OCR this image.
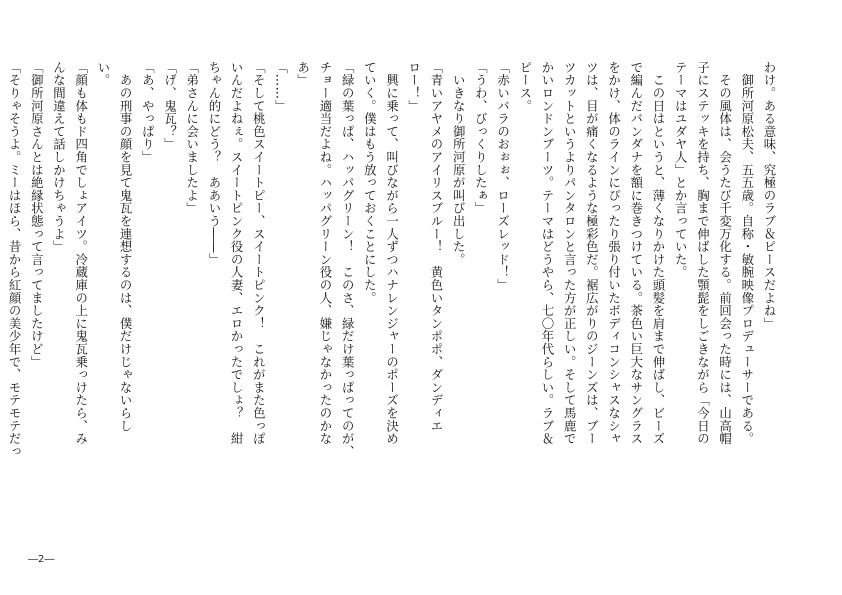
わけ。ある意味、究極のラブ＆ピースだよね」
　御所河原松夫、五五歳。自称・敏腕映像プロデューサーである。
　その風体は、会うたび千変万化する。前回会った時には、山高帽
子にステッキを持ち、胸まで伸ばした顎髭をしごきながら「今日の
テーマはユダヤ人」とか言っていた。
　この日はというと、薄くなりかけた頭髪を肩まで伸ばし、ビーズ
で編んだバンダナを額に巻きつけている。茶色い巨大なサングラス
をかけ、体のラインにぴったり張り付いたボディコンシャスなシャ
ツは、目が痛くなるような極彩色だ。裾広がりのジーンズは、ブー
ツカットというよりパンタロンと言った方が正しい。そして馬鹿で
かいロンドンブーツ。テーマはどうやら、七〇年代らしい。ラブ＆
ピース。
「赤いバラのおぉぉ、ローズレッド！」
「うわ、びっくりしたぁ」
　いきなり御所河原が叫び出した。
「青いアヤメのアイリスブルー！　黄色いタンポポ、ダンディエ
ロー！」
　興に乗って、叫びながら一人ずつハナレンジャーのポーズを決め
ていく。僕はもう放っておくことにした。
「緑の葉っぱ、ハッパグリーン！　このさ、緑だけ葉っぱってのが、
チョー適当だよね。ハッパグリーン役の人、嫌じゃなかったのかな
あ」
「……」
「そして桃色スイートピー、スイートピンク！　これがまた色っぽ
いんだよねぇ。スイートピンク役の人妻、エロかったでしょ？　紺
ちゃん的にどう？　ああいう――」
「弟さんに会いましたよ」
「げ、鬼瓦？」
「あ、やっぱり」
　あの刑事の顔を見て鬼瓦を連想するのは、僕だけじゃないらし
い。
「顔も体もド四角でしょアイツ。冷蔵庫の上に鬼瓦乗っけたら、み
んな間違えて話しかけちゃうよ」
「御所河原さんとは絶縁状態って言ってましたけど」
「そりゃそうよ。ミーはほら、昔から紅顔の美少年で、モテモテだっ
―2―
